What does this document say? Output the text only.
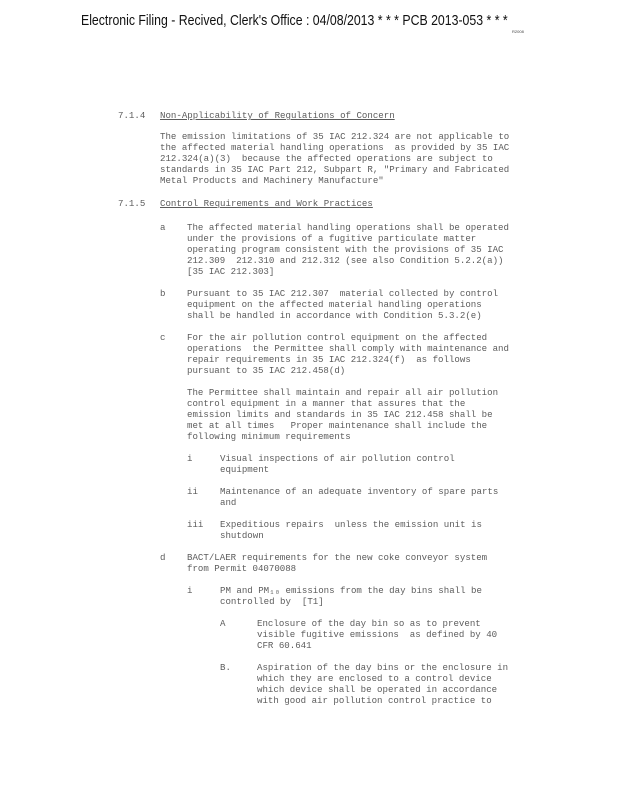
Electronic Filing - Recived, Clerk's Office : 04/08/2013 * * * PCB 2013-053 * * *
R2008
7.1.4 Non-Applicability of Regulations of Concern
The emission limitations of 35 IAC 212.324 are not applicable to
the affected material handling operations  as provided by 35 IAC
212.324(a)(3)  because the affected operations are subject to
standards in 35 IAC Part 212, Subpart R, "Primary and Fabricated
Metal Products and Machinery Manufacture"
7.1.5 Control Requirements and Work Practices
a The affected material handling operations shall be operated
under the provisions of a fugitive particulate matter
operating program consistent with the provisions of 35 IAC
212.309  212.310 and 212.312 (see also Condition 5.2.2(a))
[35 IAC 212.303]
b Pursuant to 35 IAC 212.307  material collected by control
equipment on the affected material handling operations
shall be handled in accordance with Condition 5.3.2(e)
c For the air pollution control equipment on the affected
operations  the Permittee shall comply with maintenance and
repair requirements in 35 IAC 212.324(f)  as follows
pursuant to 35 IAC 212.458(d)
The Permittee shall maintain and repair all air pollution
control equipment in a manner that assures that the
emission limits and standards in 35 IAC 212.458 shall be
met at all times   Proper maintenance shall include the
following minimum requirements
i	Visual inspections of air pollution control
equipment
ii Maintenance of an adequate inventory of spare parts
and
iii Expeditious repairs  unless the emission unit is
shutdown
d BACT/LAER requirements for the new coke conveyor system
from Permit 04070088
i	PM and PM₁₀ emissions from the day bins shall be
controlled by  [T1]
A	Enclosure of the day bin so as to prevent
visible fugitive emissions  as defined by 40
CFR 60.641
B.	Aspiration of the day bins or the enclosure in
which they are enclosed to a control device
which device shall be operated in accordance
with good air pollution control practice to
